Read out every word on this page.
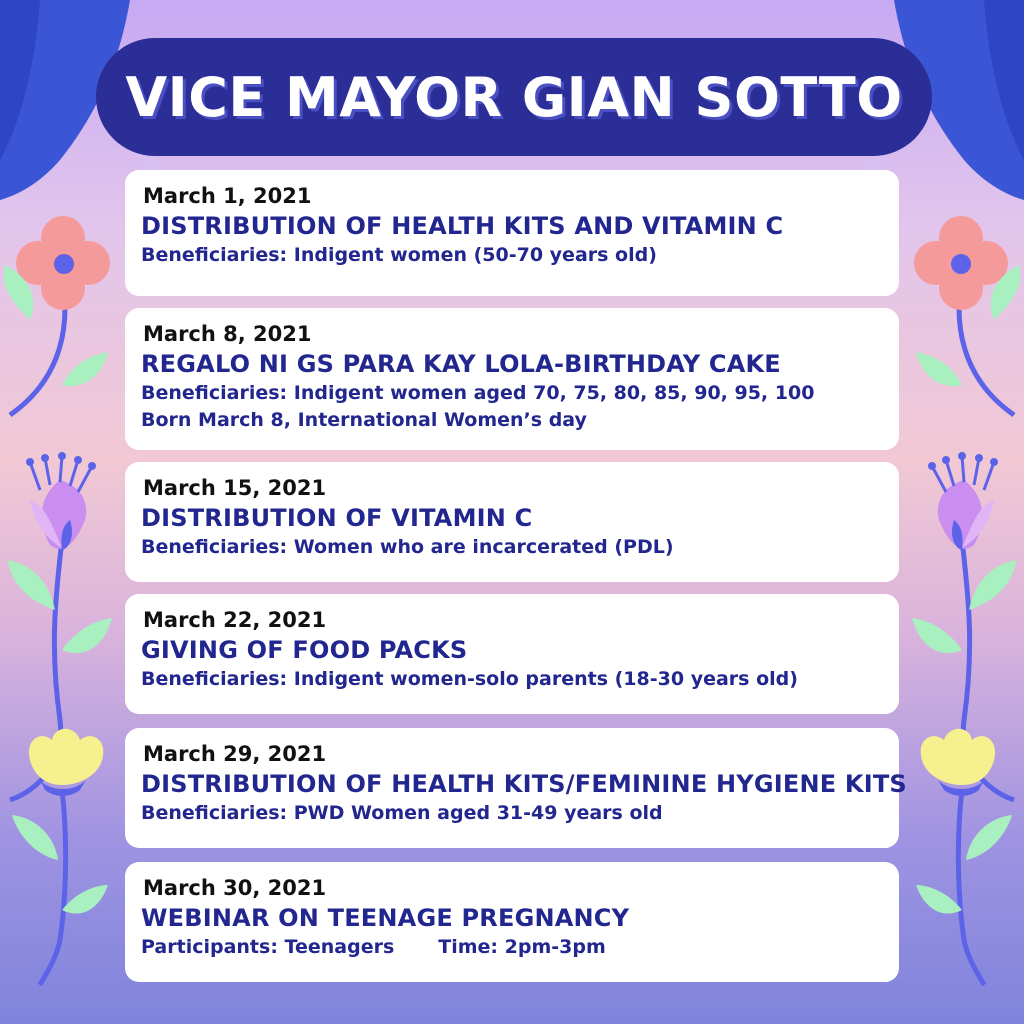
VICE MAYOR GIAN SOTTO
March 1, 2021
DISTRIBUTION OF HEALTH KITS AND VITAMIN C
Beneficiaries: Indigent women (50-70 years old)
March 8, 2021
REGALO NI GS PARA KAY LOLA-BIRTHDAY CAKE
Beneficiaries: Indigent women aged 70, 75, 80, 85, 90, 95, 100
Born March 8, International Women’s day
March 15, 2021
DISTRIBUTION OF VITAMIN C
Beneficiaries: Women who are incarcerated (PDL)
March 22, 2021
GIVING OF FOOD PACKS
Beneficiaries: Indigent women-solo parents (18-30 years old)
March 29, 2021
DISTRIBUTION OF HEALTH KITS/FEMININE HYGIENE KITS
Beneficiaries: PWD Women aged 31-49 years old
March 30, 2021
WEBINAR ON TEENAGE PREGNANCY
Participants: Teenagers Time: 2pm-3pm
